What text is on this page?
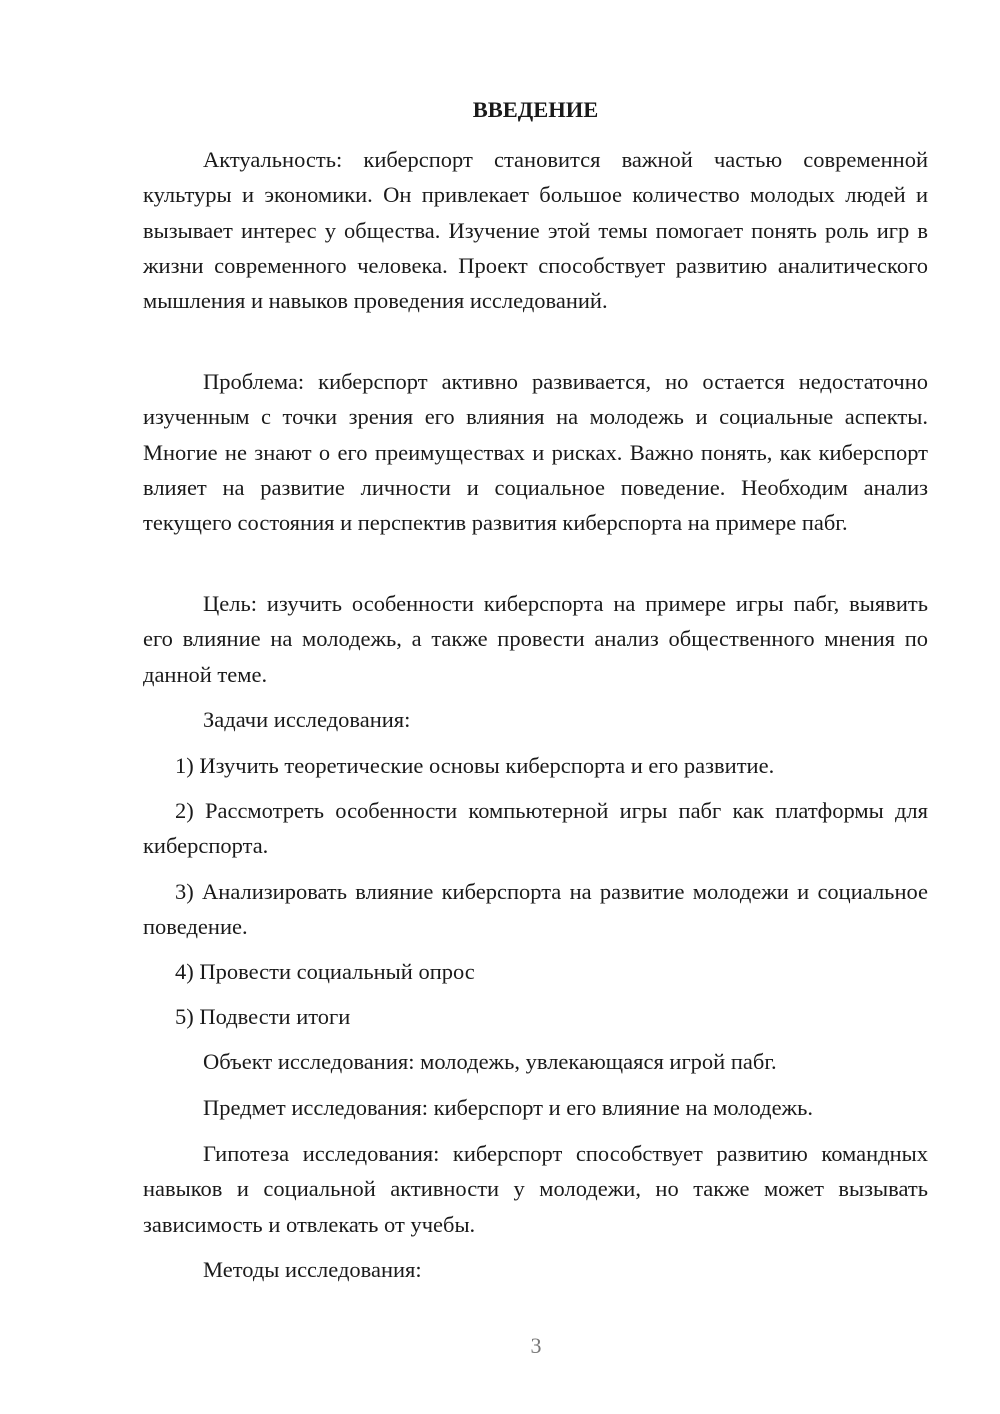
ВВЕДЕНИЕ

Актуальность: киберспорт становится важной частью современной культуры и экономики. Он привлекает большое количество молодых людей и вызывает интерес у общества. Изучение этой темы помогает понять роль игр в жизни современного человека. Проект способствует развитию аналитического мышления и навыков проведения исследований.

Проблема: киберспорт активно развивается, но остается недостаточно изученным с точки зрения его влияния на молодежь и социальные аспекты. Многие не знают о его преимуществах и рисках. Важно понять, как киберспорт влияет на развитие личности и социальное поведение. Необходим анализ текущего состояния и перспектив развития киберспорта на примере пабг.

Цель: изучить особенности киберспорта на примере игры пабг, выявить его влияние на молодежь, а также провести анализ общественного мнения по данной теме.

Задачи исследования:

1) Изучить теоретические основы киберспорта и его развитие.

2) Рассмотреть особенности компьютерной игры пабг как платформы для киберспорта.

3) Анализировать влияние киберспорта на развитие молодежи и социальное поведение.

4) Провести социальный опрос

5) Подвести итоги

Объект исследования: молодежь, увлекающаяся игрой пабг.

Предмет исследования: киберспорт и его влияние на молодежь.

Гипотеза исследования: киберспорт способствует развитию командных навыков и социальной активности у молодежи, но также может вызывать зависимость и отвлекать от учебы.

Методы исследования:

3
